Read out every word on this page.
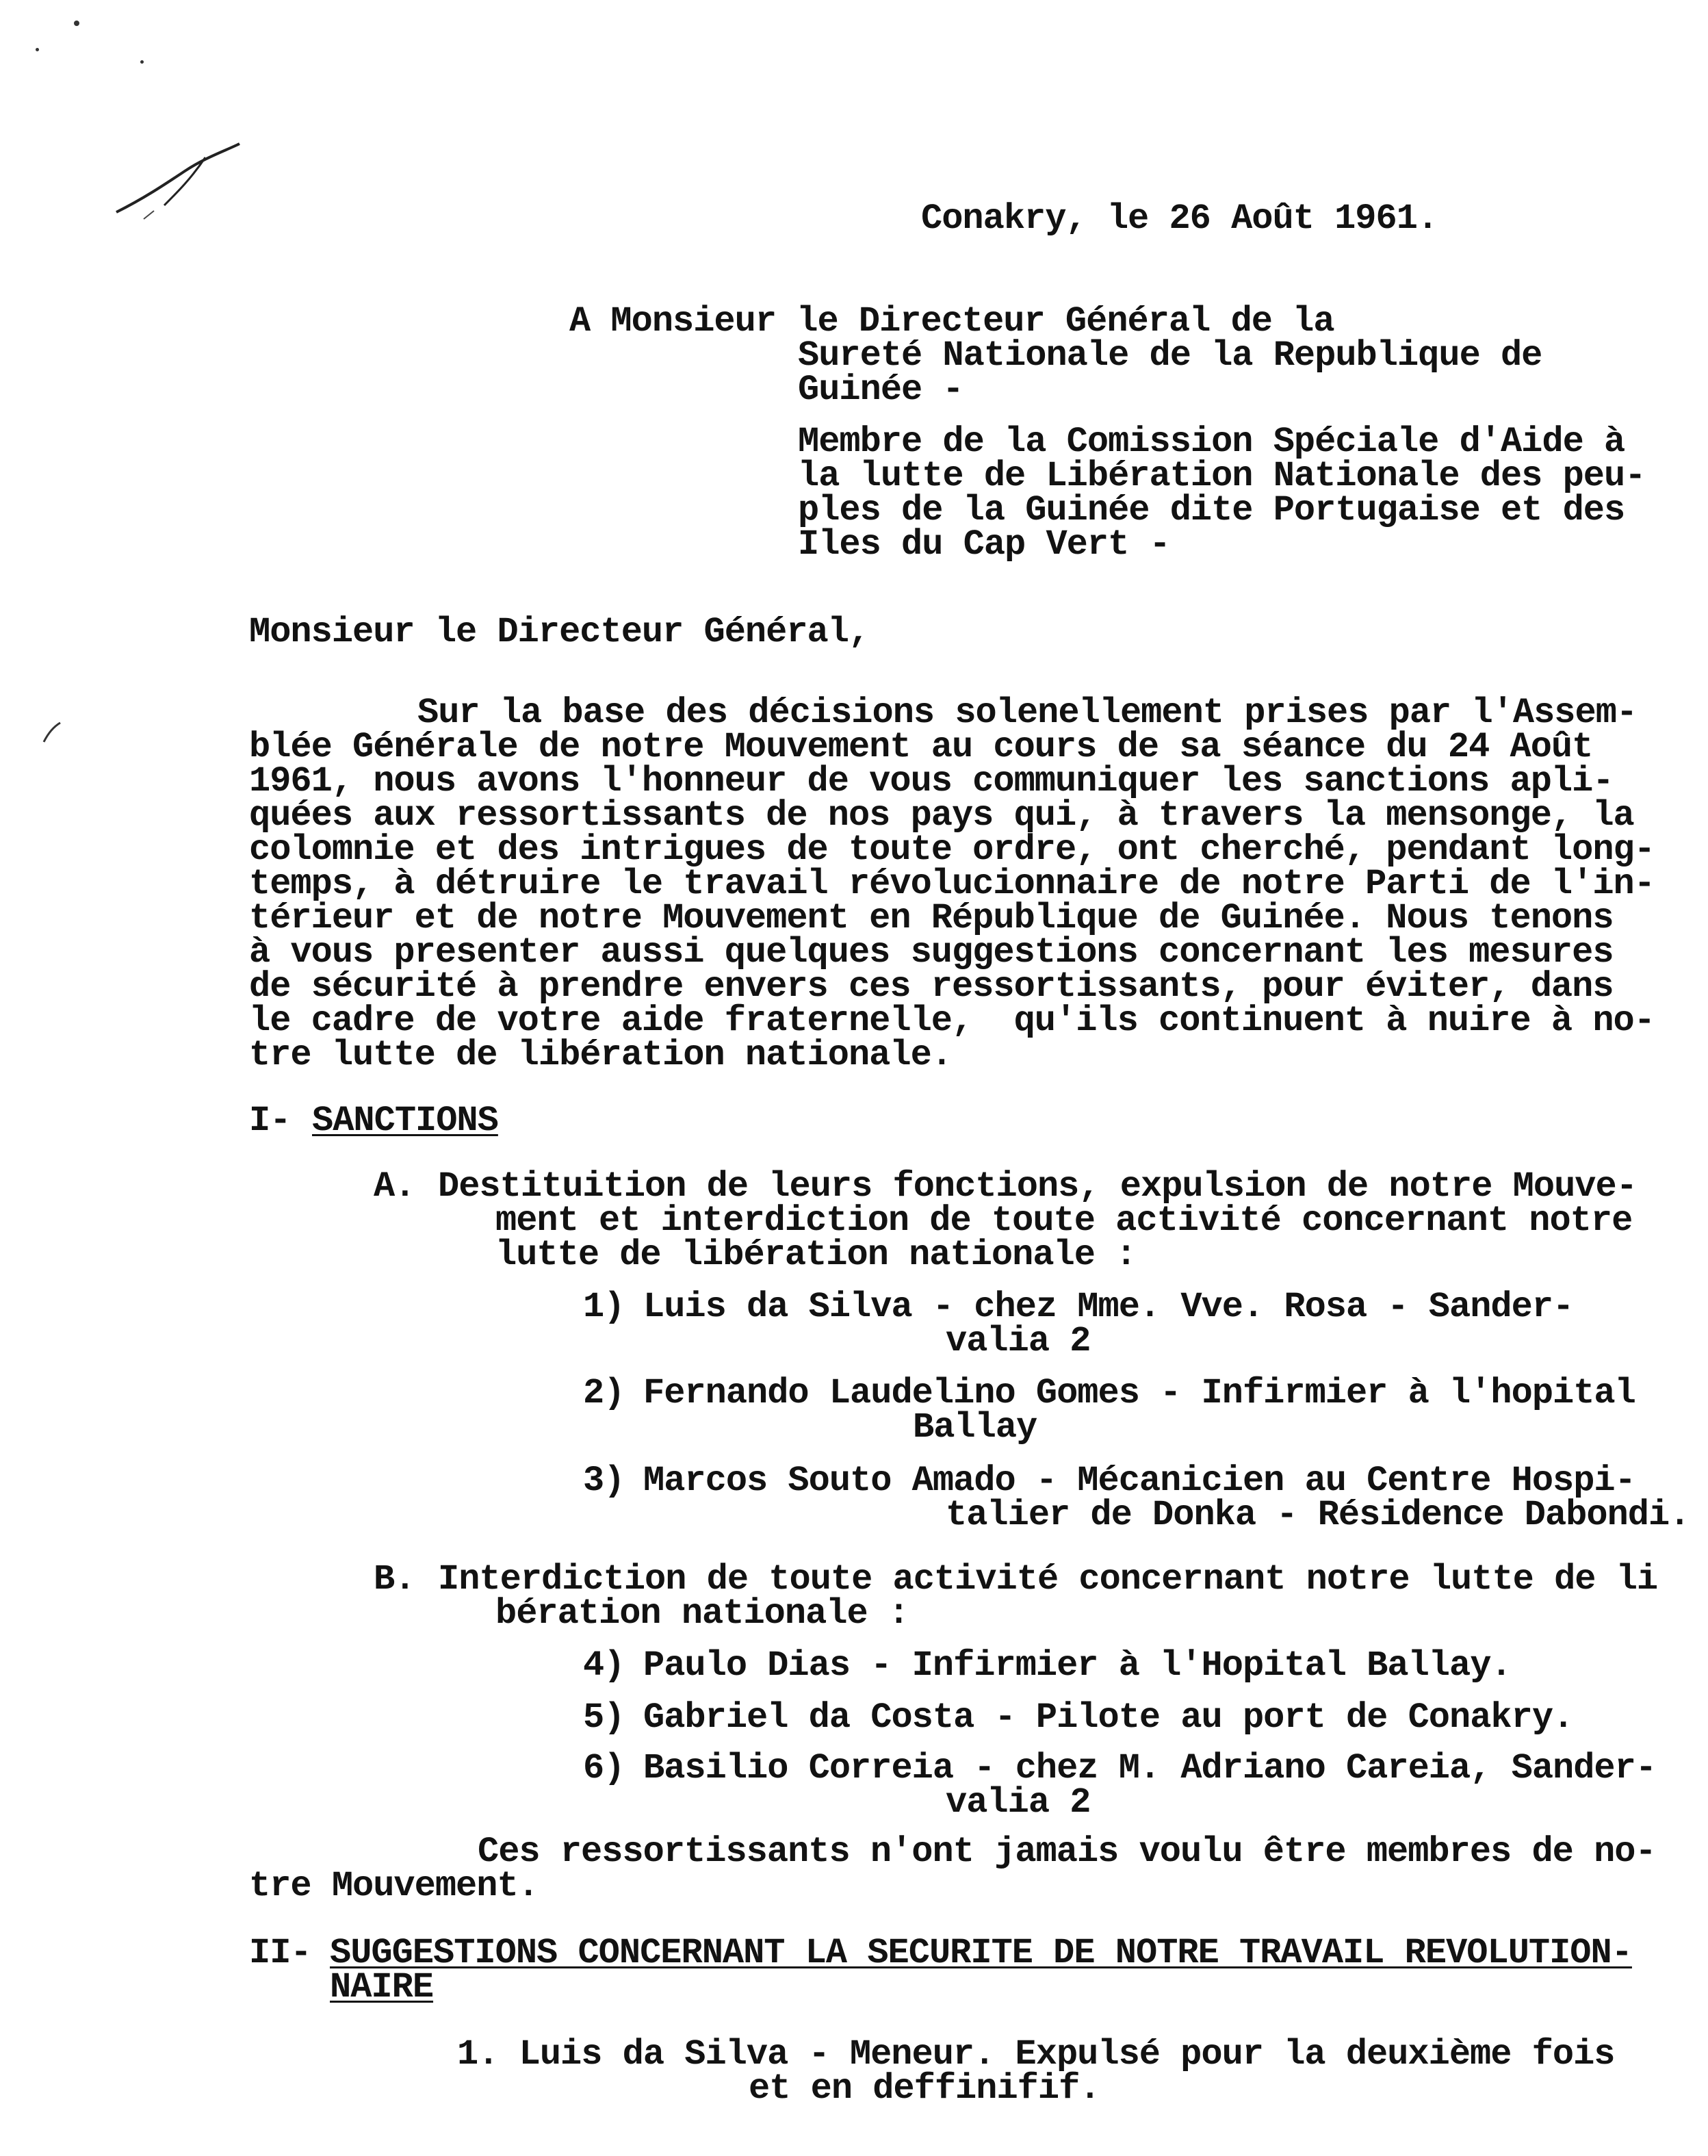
Conakry, le 26 Août 1961.
A Monsieur le Directeur Général de la
Sureté Nationale de la Republique de
Guinée -
Membre de la Comission Spéciale d'Aide à
la lutte de Libération Nationale des peu-
ples de la Guinée dite Portugaise et des
Iles du Cap Vert -
Monsieur le Directeur Général,
Sur la base des décisions solenellement prises par l'Assem-
blée Générale de notre Mouvement au cours de sa séance du 24 Août
1961, nous avons l'honneur de vous communiquer les sanctions apli-
quées aux ressortissants de nos pays qui, à travers la mensonge, la
colomnie et des intrigues de toute ordre, ont cherché, pendant long-
temps, à détruire le travail révolucionnaire de notre Parti de l'in-
térieur et de notre Mouvement en République de Guinée. Nous tenons
à vous presenter aussi quelques suggestions concernant les mesures
de sécurité à prendre envers ces ressortissants, pour éviter, dans
le cadre de votre aide fraternelle,  qu'ils continuent à nuire à no-
tre lutte de libération nationale.
I- SANCTIONS
A. Destituition de leurs fonctions, expulsion de notre Mouve-
ment et interdiction de toute activité concernant notre
lutte de libération nationale :
1) Luis da Silva - chez Mme. Vve. Rosa - Sander-
valia 2
2) Fernando Laudelino Gomes - Infirmier à l'hopital
Ballay
3) Marcos Souto Amado - Mécanicien au Centre Hospi-
talier de Donka - Résidence Dabondi.
B. Interdiction de toute activité concernant notre lutte de li
bération nationale :
4) Paulo Dias - Infirmier à l'Hopital Ballay.
5) Gabriel da Costa - Pilote au port de Conakry.
6) Basilio Correia - chez M. Adriano Careia, Sander-
valia 2
Ces ressortissants n'ont jamais voulu être membres de no-
tre Mouvement.
II- SUGGESTIONS CONCERNANT LA SECURITE DE NOTRE TRAVAIL REVOLUTION-
NAIRE
1. Luis da Silva - Meneur. Expulsé pour la deuxième fois
et en deffinifif.
